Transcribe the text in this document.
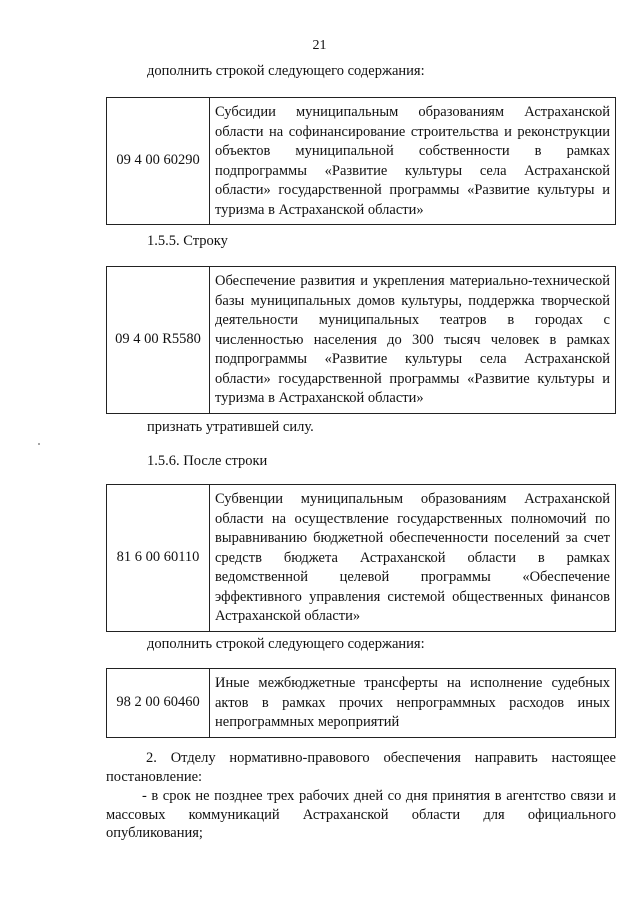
21
дополнить строкой следующего содержания:
09 4 00 60290	Субсидии муниципальным образованиям Астраханской области на софинансирование строительства и реконструкции объектов муниципальной собственности в рамках подпрограммы «Развитие культуры села Астраханской области» государственной программы «Развитие культуры и туризма в Астраханской области»
1.5.5. Строку
09 4 00 R5580	Обеспечение развития и укрепления материально-технической базы муниципальных домов культуры, поддержка творческой деятельности муниципальных театров в городах с численностью населения до 300 тысяч человек в рамках подпрограммы «Развитие культуры села Астраханской области» государственной программы «Развитие культуры и туризма в Астраханской области»
признать утратившей силу.
1.5.6. После строки
81 6 00 60110	Субвенции муниципальным образованиям Астраханской области на осуществление государственных полномочий по выравниванию бюджетной обеспеченности поселений за счет средств бюджета Астраханской области в рамках ведомственной целевой программы «Обеспечение эффективного управления системой общественных финансов Астраханской области»
дополнить строкой следующего содержания:
98 2 00 60460	Иные межбюджетные трансферты на исполнение судебных актов в рамках прочих непрограммных расходов иных непрограммных мероприятий
2. Отделу нормативно-правового обеспечения направить настоящее постановление:
- в срок не позднее трех рабочих дней со дня принятия в агентство связи и массовых коммуникаций Астраханской области для официального опубликования;
